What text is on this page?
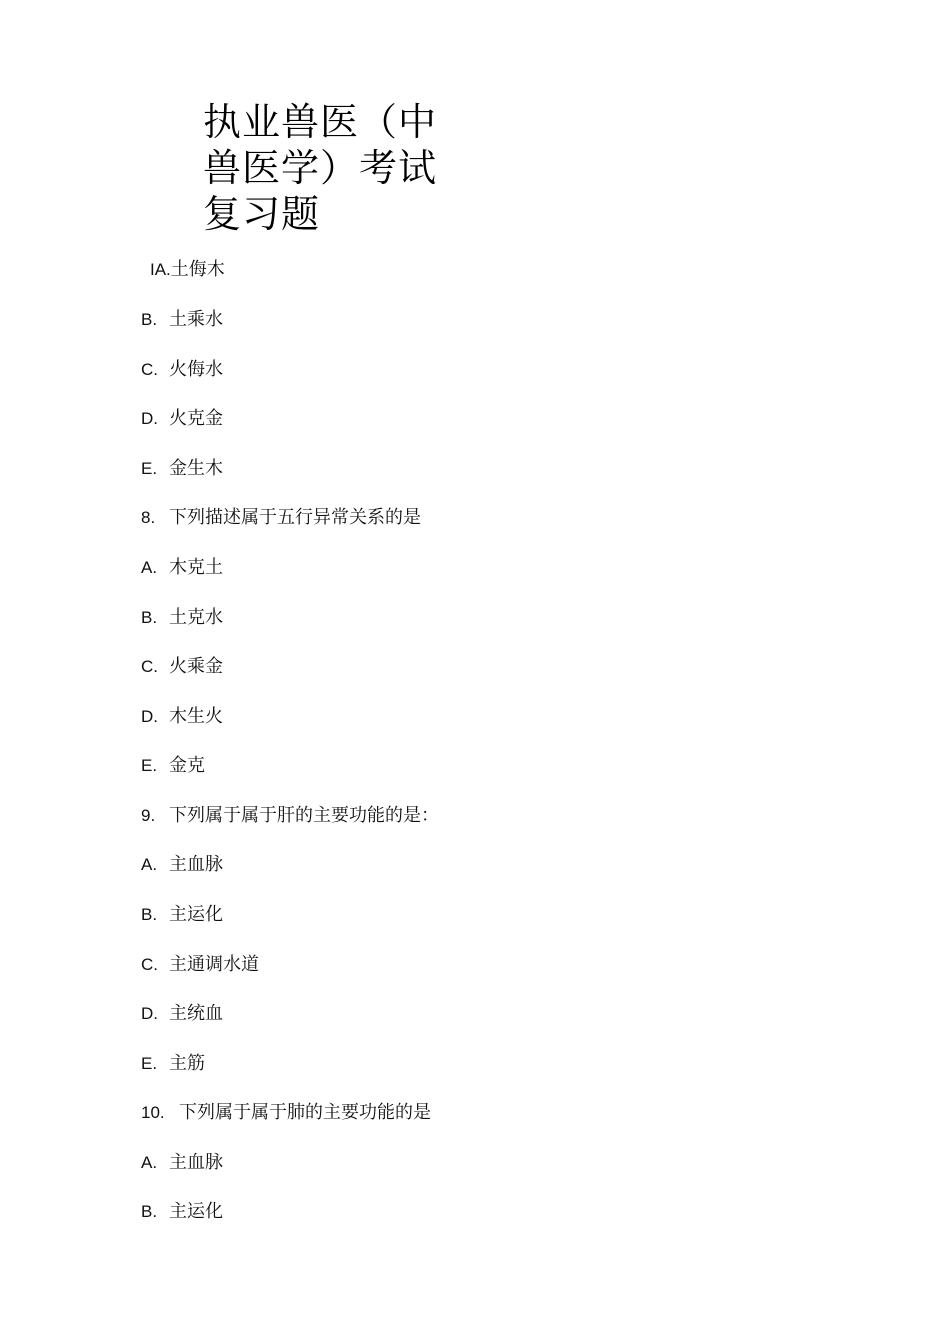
执业兽医（中
兽医学）考试
复习题
IA.土侮木
B. 土乘水
C. 火侮水
D. 火克金
E. 金生木
8. 下列描述属于五行异常关系的是
A. 木克土
B. 土克水
C. 火乘金
D. 木生火
E. 金克
9. 下列属于属于肝的主要功能的是：
A. 主血脉
B. 主运化
C. 主通调水道
D. 主统血
E. 主筋
10. 下列属于属于肺的主要功能的是
A. 主血脉
B. 主运化
